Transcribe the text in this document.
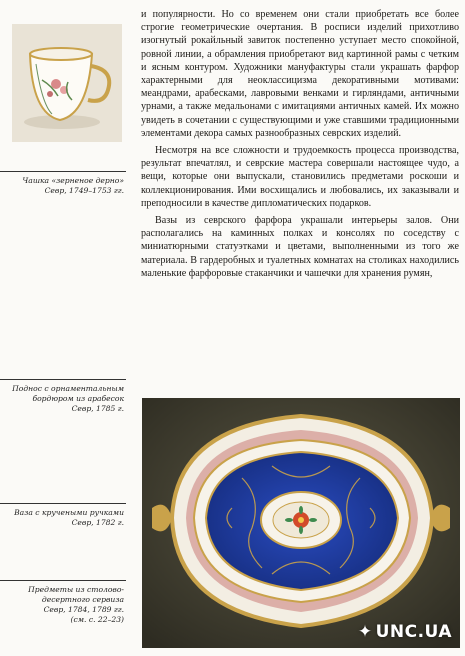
Чашка «зерненое дерно»
Севр, 1749–1753 гг.
Поднос с орнаментальным бордюром из арабесок
Севр, 1785 г.
Ваза с кручеными ручками
Севр, 1782 г.
Предметы из столово-десертного сервиза
Севр, 1784, 1789 гг.
(см. с. 22–23)

и популярности. Но со временем они стали приобретать все более строгие геометрические очертания. В росписи изделий прихотливо изогнутый рокайльный завиток постепенно уступает место спокойной, ровной линии, а обрамления приобретают вид картинной рамы с четким и ясным контуром. Художники мануфактуры стали украшать фарфор характерными для неоклассицизма декоративными мотивами: меандрами, арабесками, лавровыми венками и гирляндами, античными урнами, а также медальонами с имитациями античных камей. Их можно увидеть в сочетании с существующими и уже ставшими традиционными элементами декора самых разнообразных севрских изделий.

Несмотря на все сложности и трудоемкость процесса производства, результат впечатлял, и севрские мастера совершали настоящее чудо, а вещи, которые они выпускали, становились предметами роскоши и коллекционирования. Ими восхищались и любовались, их заказывали и преподносили в качестве дипломатических подарков.

Вазы из севрского фарфора украшали интерьеры залов. Они располагались на каминных полках и консолях по соседству с миниатюрными статуэтками и цветами, выполненными из того же материала. В гардеробных и туалетных комнатах на столиках находились маленькие фарфоровые стаканчики и чашечки для хранения румян,

✦ UNC.UA
